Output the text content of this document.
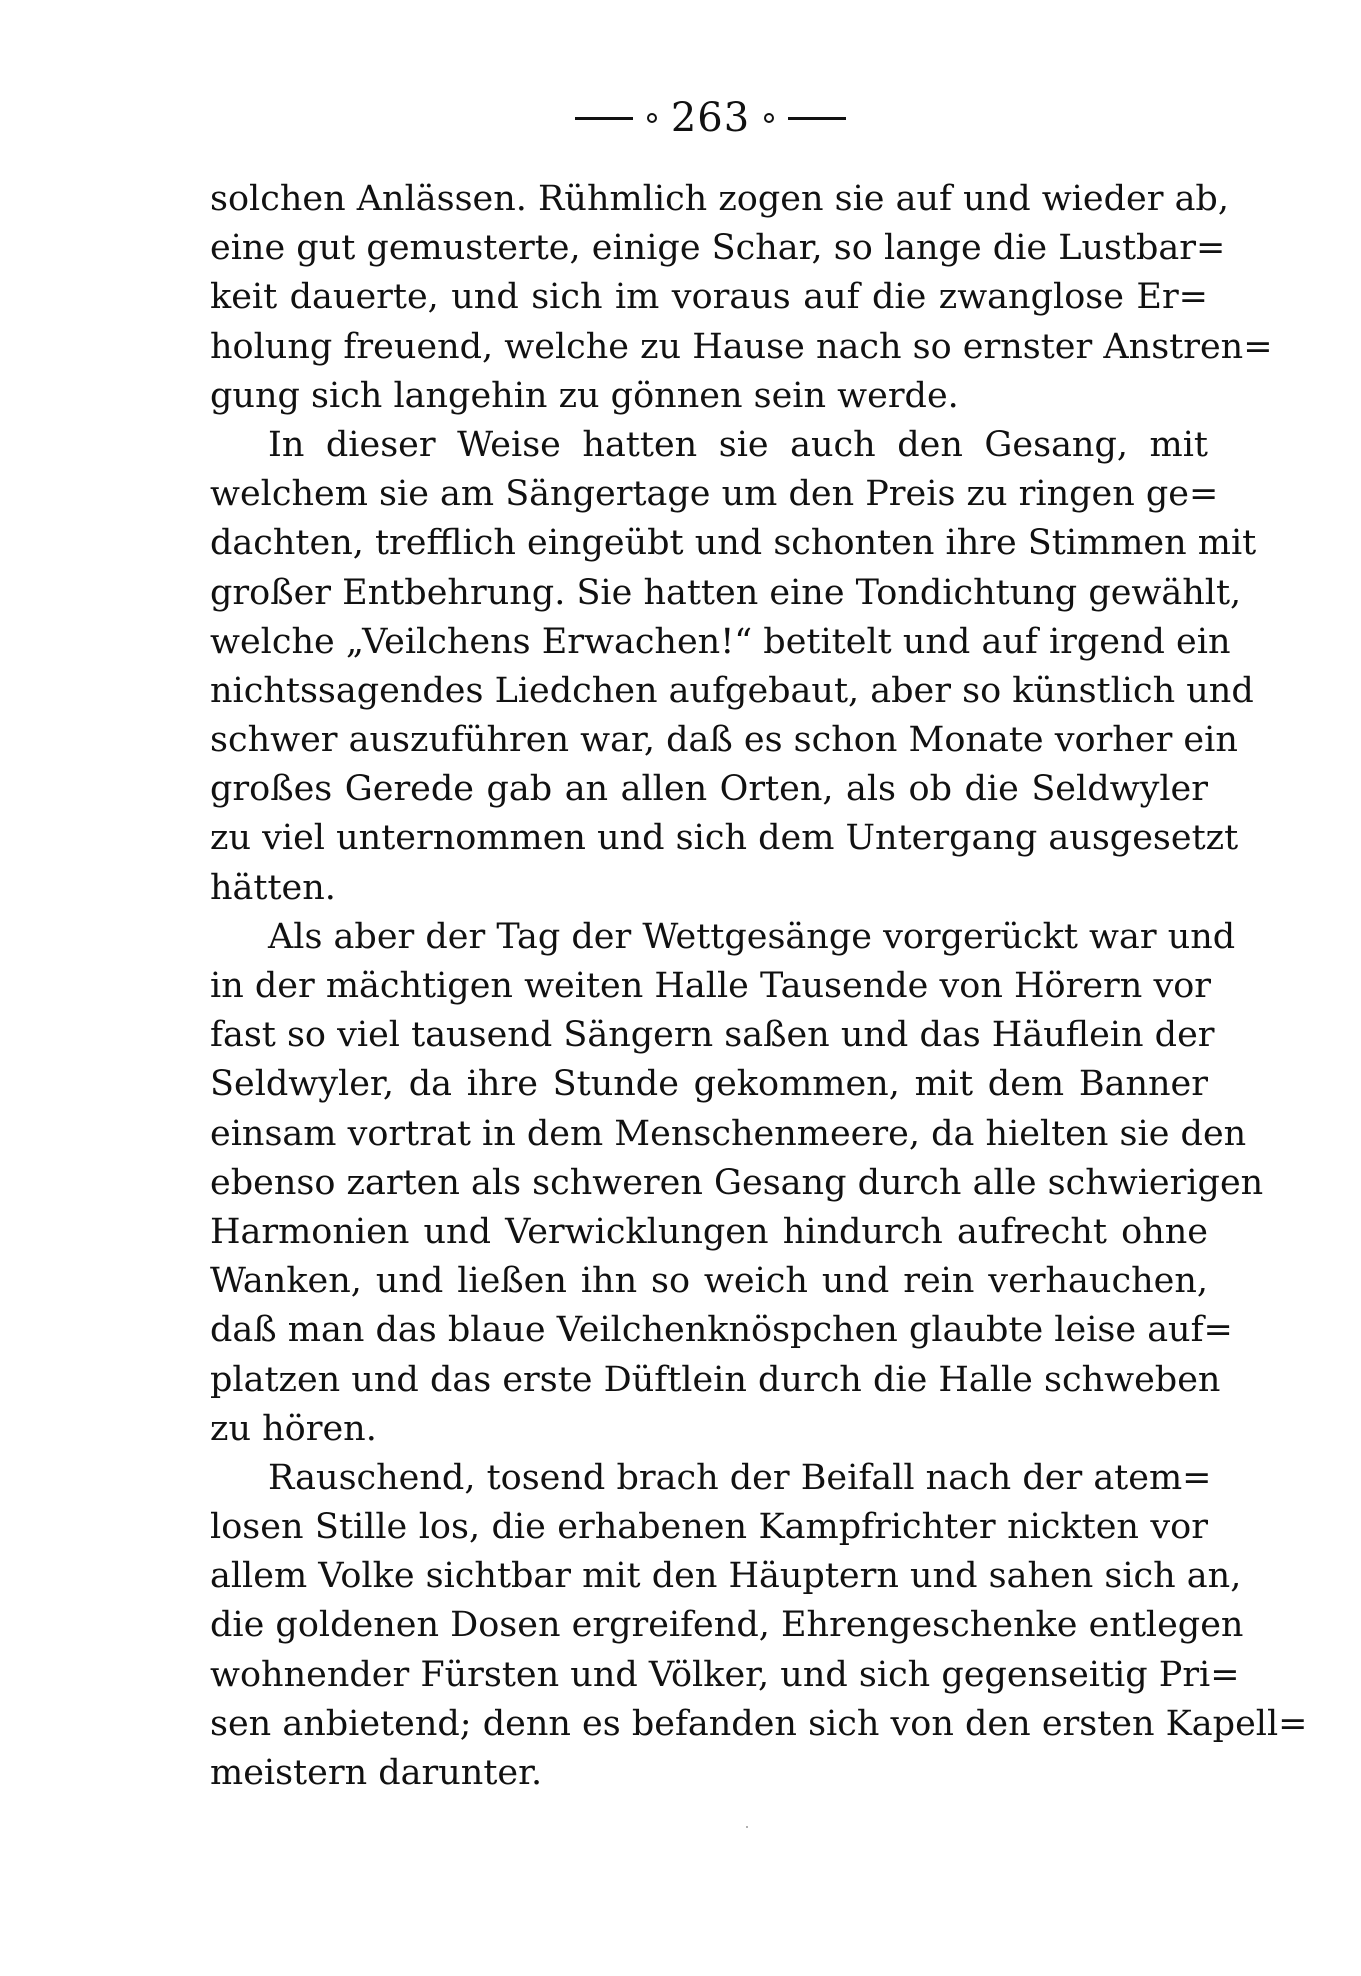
263
solchen Anlässen. Rühmlich zogen sie auf und wieder ab,
eine gut gemusterte, einige Schar, so lange die Lustbar=
keit dauerte, und sich im voraus auf die zwanglose Er=
holung freuend, welche zu Hause nach so ernster Anstren=
gung sich langehin zu gönnen sein werde.
In dieser Weise hatten sie auch den Gesang, mit
welchem sie am Sängertage um den Preis zu ringen ge=
dachten, trefflich eingeübt und schonten ihre Stimmen mit
großer Entbehrung. Sie hatten eine Tondichtung gewählt,
welche „Veilchens Erwachen!“ betitelt und auf irgend ein
nichtssagendes Liedchen aufgebaut, aber so künstlich und
schwer auszuführen war, daß es schon Monate vorher ein
großes Gerede gab an allen Orten, als ob die Seldwyler
zu viel unternommen und sich dem Untergang ausgesetzt
hätten.
Als aber der Tag der Wettgesänge vorgerückt war und
in der mächtigen weiten Halle Tausende von Hörern vor
fast so viel tausend Sängern saßen und das Häuflein der
Seldwyler, da ihre Stunde gekommen, mit dem Banner
einsam vortrat in dem Menschenmeere, da hielten sie den
ebenso zarten als schweren Gesang durch alle schwierigen
Harmonien und Verwicklungen hindurch aufrecht ohne
Wanken, und ließen ihn so weich und rein verhauchen,
daß man das blaue Veilchenknöspchen glaubte leise auf=
platzen und das erste Düftlein durch die Halle schweben
zu hören.
Rauschend, tosend brach der Beifall nach der atem=
losen Stille los, die erhabenen Kampfrichter nickten vor
allem Volke sichtbar mit den Häuptern und sahen sich an,
die goldenen Dosen ergreifend, Ehrengeschenke entlegen
wohnender Fürsten und Völker, und sich gegenseitig Pri=
sen anbietend; denn es befanden sich von den ersten Kapell=
meistern darunter.
